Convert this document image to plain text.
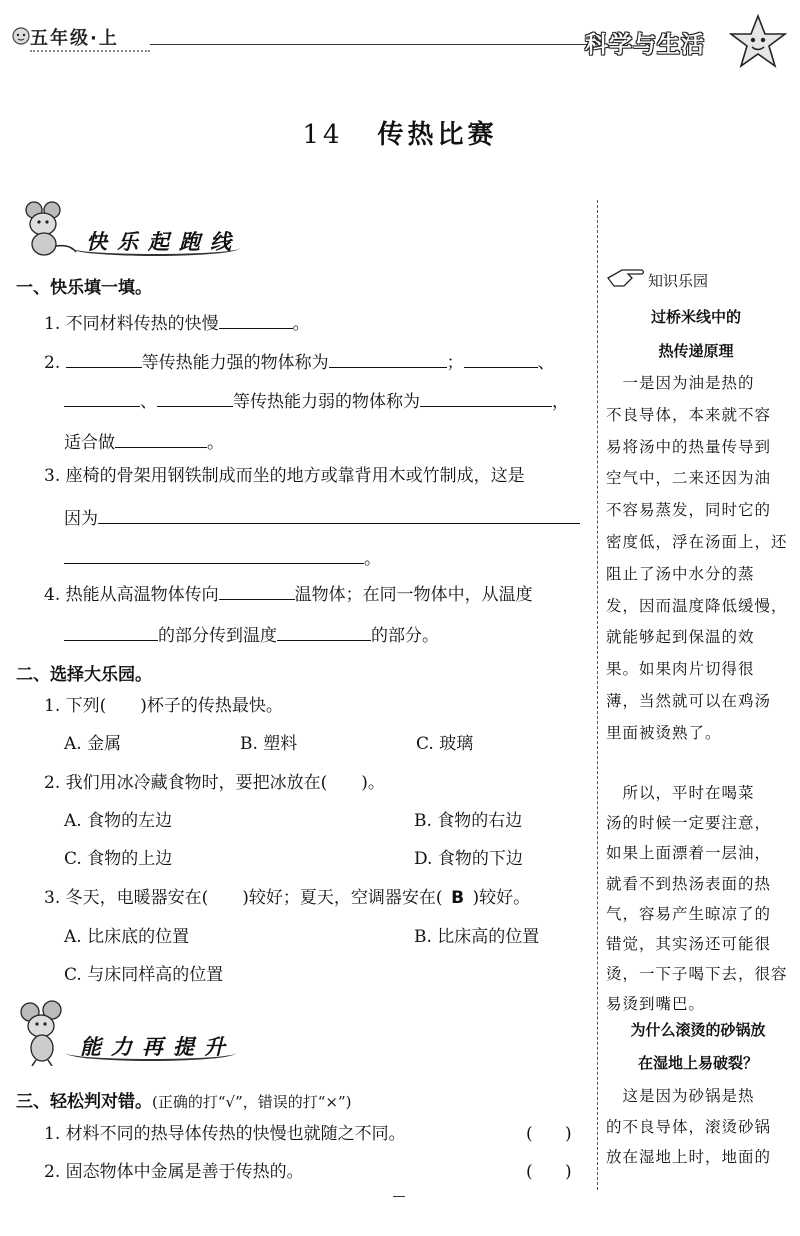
五年级·上	科学与生活
14 传热比赛
快乐起跑线
一、快乐填一填。
1. 不同材料传热的快慢	。
2.	等传热能力强的物体称为	；	、
、	等传热能力弱的物体称为	，
适合做	。
3. 座椅的骨架用钢铁制成而坐的地方或靠背用木或竹制成，这是
因为
。
4. 热能从高温物体传向	温物体；在同一物体中，从温度
的部分传到温度	的部分。
二、选择大乐园。
1. 下列( )杯子的传热最快。
A. 金属	B. 塑料	C. 玻璃
2. 我们用冰冷藏食物时，要把冰放在( )。
A. 食物的左边	B. 食物的右边
C. 食物的上边	D. 食物的下边
3. 冬天，电暖器安在( )较好；夏天，空调器安在( B )较好。
A. 比床底的位置	B. 比床高的位置
C. 与床同样高的位置
能力再提升
三、轻松判对错。(正确的打“√”，错误的打“×”)
1. 材料不同的热导体传热的快慢也就随之不同。	(      )
2. 固态物体中金属是善于传热的。	(      )
知识乐园
过桥米线中的
热传递原理
　一是因为油是热的
不良导体，本来就不容
易将汤中的热量传导到
空气中，二来还因为油
不容易蒸发，同时它的
密度低，浮在汤面上，还
阻止了汤中水分的蒸
发，因而温度降低缓慢，
就能够起到保温的效
果。如果肉片切得很
薄，当然就可以在鸡汤
里面被烫熟了。
　所以，平时在喝菜
汤的时候一定要注意，
如果上面漂着一层油，
就看不到热汤表面的热
气，容易产生晾凉了的
错觉，其实汤还可能很
烫，一下子喝下去，很容
易烫到嘴巴。
为什么滚烫的砂锅放
在湿地上易破裂？
　这是因为砂锅是热
的不良导体，滚烫砂锅
放在湿地上时，地面的
